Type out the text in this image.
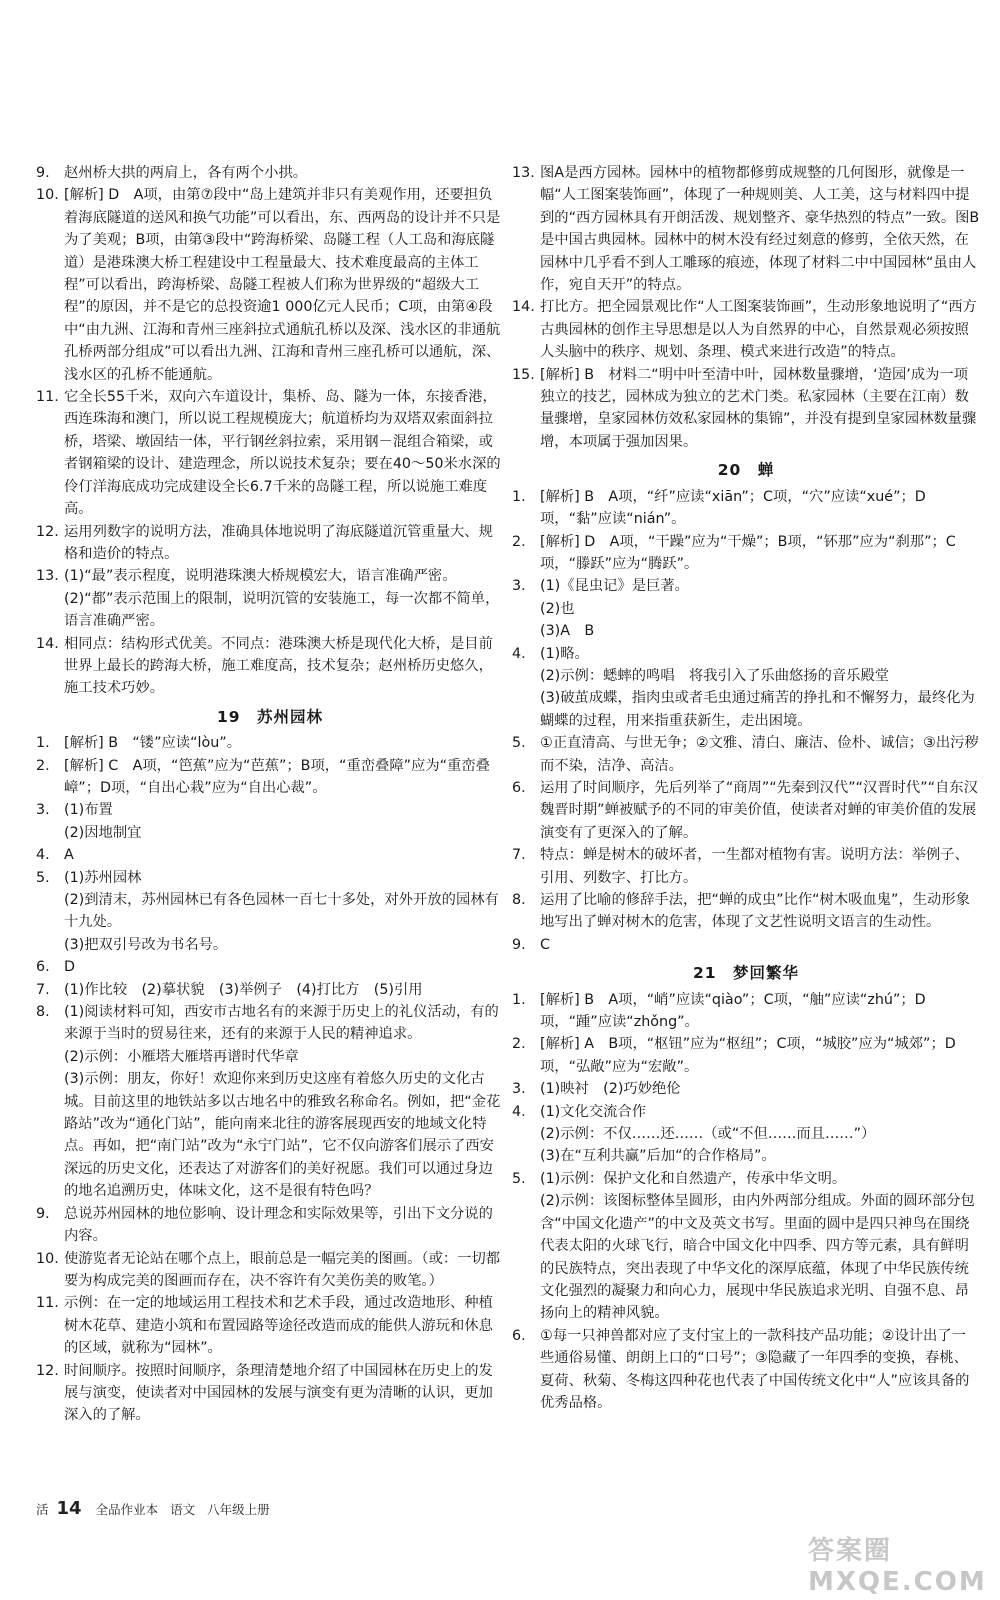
9. 赵州桥大拱的两肩上，各有两个小拱。
10. [解析] D　A项，由第⑦段中“岛上建筑并非只有美观作用，还要担负着海底隧道的送风和换气功能”可以看出，东、西两岛的设计并不只是为了美观；B项，由第③段中“跨海桥梁、岛隧工程（人工岛和海底隧道）是港珠澳大桥工程建设中工程量最大、技术难度最高的主体工程”可以看出，跨海桥梁、岛隧工程被人们称为世界级的“超级大工程”的原因，并不是它的总投资逾1 000亿元人民币；C项，由第④段中“由九洲、江海和青州三座斜拉式通航孔桥以及深、浅水区的非通航孔桥两部分组成”可以看出九洲、江海和青州三座孔桥可以通航，深、浅水区的孔桥不能通航。
11. 它全长55千米，双向六车道设计，集桥、岛、隧为一体，东接香港，西连珠海和澳门，所以说工程规模庞大；航道桥均为双塔双索面斜拉桥，塔梁、墩固结一体，平行钢丝斜拉索，采用钢－混组合箱梁，或者钢箱梁的设计、建造理念，所以说技术复杂；要在40～50米水深的伶仃洋海底成功完成建设全长6.7千米的岛隧工程，所以说施工难度高。
12. 运用列数字的说明方法，准确具体地说明了海底隧道沉管重量大、规格和造价的特点。
13. (1)“最”表示程度，说明港珠澳大桥规模宏大，语言准确严密。
(2)“都”表示范围上的限制，说明沉管的安装施工，每一次都不简单，语言准确严密。
14. 相同点：结构形式优美。不同点：港珠澳大桥是现代化大桥，是目前世界上最长的跨海大桥，施工难度高，技术复杂；赵州桥历史悠久，施工技术巧妙。
19　苏州园林
1. [解析] B　“镂”应读“lòu”。
2. [解析] C　A项，“笆蕉”应为“芭蕉”；B项，“重峦叠障”应为“重峦叠嶂”；D项，“自出心栽”应为“自出心裁”。
3. (1)布置
(2)因地制宜
4. A
5. (1)苏州园林
(2)到清末，苏州园林已有各色园林一百七十多处，对外开放的园林有十九处。
(3)把双引号改为书名号。
6. D
7. (1)作比较　(2)摹状貌　(3)举例子　(4)打比方　(5)引用
8. (1)阅读材料可知，西安市古地名有的来源于历史上的礼仪活动，有的来源于当时的贸易往来，还有的来源于人民的精神追求。
(2)示例：小雁塔大雁塔再谱时代华章
(3)示例：朋友，你好！欢迎你来到历史这座有着悠久历史的文化古城。目前这里的地铁站多以古地名中的雅致名称命名。例如，把“金花路站”改为“通化门站”，能向南来北往的游客展现西安的地域文化特点。再如，把“南门站”改为“永宁门站”，它不仅向游客们展示了西安深远的历史文化，还表达了对游客们的美好祝愿。我们可以通过身边的地名追溯历史，体味文化，这不是很有特色吗？
9. 总说苏州园林的地位影响、设计理念和实际效果等，引出下文分说的内容。
10. 使游览者无论站在哪个点上，眼前总是一幅完美的图画。（或：一切都要为构成完美的图画而存在，决不容许有欠美伤美的败笔。）
11. 示例：在一定的地域运用工程技术和艺术手段，通过改造地形、种植树木花草、建造小筑和布置园路等途径改造而成的能供人游玩和休息的区域，就称为“园林”。
12. 时间顺序。按照时间顺序，条理清楚地介绍了中国园林在历史上的发展与演变，使读者对中国园林的发展与演变有更为清晰的认识，更加深入的了解。
13. 图A是西方园林。园林中的植物都修剪成规整的几何图形，就像是一幅“人工图案装饰画”，体现了一种规则美、人工美，这与材料四中提到的“西方园林具有开朗活泼、规划整齐、豪华热烈的特点”一致。图B是中国古典园林。园林中的树木没有经过刻意的修剪，全依天然，在园林中几乎看不到人工雕琢的痕迹，体现了材料二中中国园林“虽由人作，宛自天开”的特点。
14. 打比方。把全园景观比作“人工图案装饰画”，生动形象地说明了“西方古典园林的创作主导思想是以人为自然界的中心，自然景观必须按照人头脑中的秩序、规划、条理、模式来进行改造”的特点。
15. [解析] B　材料二“明中叶至清中叶，园林数量骤增，‘造园’成为一项独立的技艺，园林成为独立的艺术门类。私家园林（主要在江南）数量骤增，皇家园林仿效私家园林的集锦”，并没有提到皇家园林数量骤增，本项属于强加因果。
20　蝉
1. [解析] B　A项，“纤”应读“xiān”；C项，“穴”应读“xué”；D项，“黏”应读“nián”。
2. [解析] D　A项，“干躁”应为“干燥”；B项，“钚那”应为“刹那”；C项，“滕跃”应为“腾跃”。
3. (1)《昆虫记》是巨著。
(2)也
(3)A　B
4. (1)略。
(2)示例：蟋蟀的鸣唱　将我引入了乐曲悠扬的音乐殿堂
(3)破茧成蝶，指肉虫或者毛虫通过痛苦的挣扎和不懈努力，最终化为蝴蝶的过程，用来指重获新生，走出困境。
5. ①正直清高、与世无争；②文雅、清白、廉洁、俭朴、诚信；③出污秽而不染，洁净、高洁。
6. 运用了时间顺序，先后列举了“商周”“先秦到汉代”“汉晋时代”“自东汉魏晋时期”蝉被赋予的不同的审美价值，使读者对蝉的审美价值的发展演变有了更深入的了解。
7. 特点：蝉是树木的破坏者，一生都对植物有害。说明方法：举例子、引用、列数字、打比方。
8. 运用了比喻的修辞手法，把“蝉的成虫”比作“树木吸血鬼”，生动形象地写出了蝉对树木的危害，体现了文艺性说明文语言的生动性。
9. C
21　梦回繁华
1. [解析] B　A项，“峭”应读“qiào”；C项，“舳”应读“zhú”；D项，“踵”应读“zhǒng”。
2. [解析] A　B项，“枢钮”应为“枢纽”；C项，“城胶”应为“城郊”；D项，“弘敞”应为“宏敞”。
3. (1)映衬　(2)巧妙绝伦
4. (1)文化交流合作
(2)示例：不仅……还……（或“不但……而且……”）
(3)在“互利共赢”后加“的合作格局”。
5. (1)示例：保护文化和自然遗产，传承中华文明。
(2)示例：该图标整体呈圆形，由内外两部分组成。外面的圆环部分包含“中国文化遗产”的中文及英文书写。里面的圆中是四只神鸟在围绕代表太阳的火球飞行，暗合中国文化中四季、四方等元素，具有鲜明的民族特点，突出表现了中华文化的深厚底蕴，体现了中华民族传统文化强烈的凝聚力和向心力，展现中华民族追求光明、自强不息、昂扬向上的精神风貌。
6. ①每一只神兽都对应了支付宝上的一款科技产品功能；②设计出了一些通俗易懂、朗朗上口的“口号”；③隐藏了一年四季的变换，春桃、夏荷、秋菊、冬梅这四种花也代表了中国传统文化中“人”应该具备的优秀品格。
活 14 全品作业本 语文 八年级上册
答案圈 MXQE.COM
